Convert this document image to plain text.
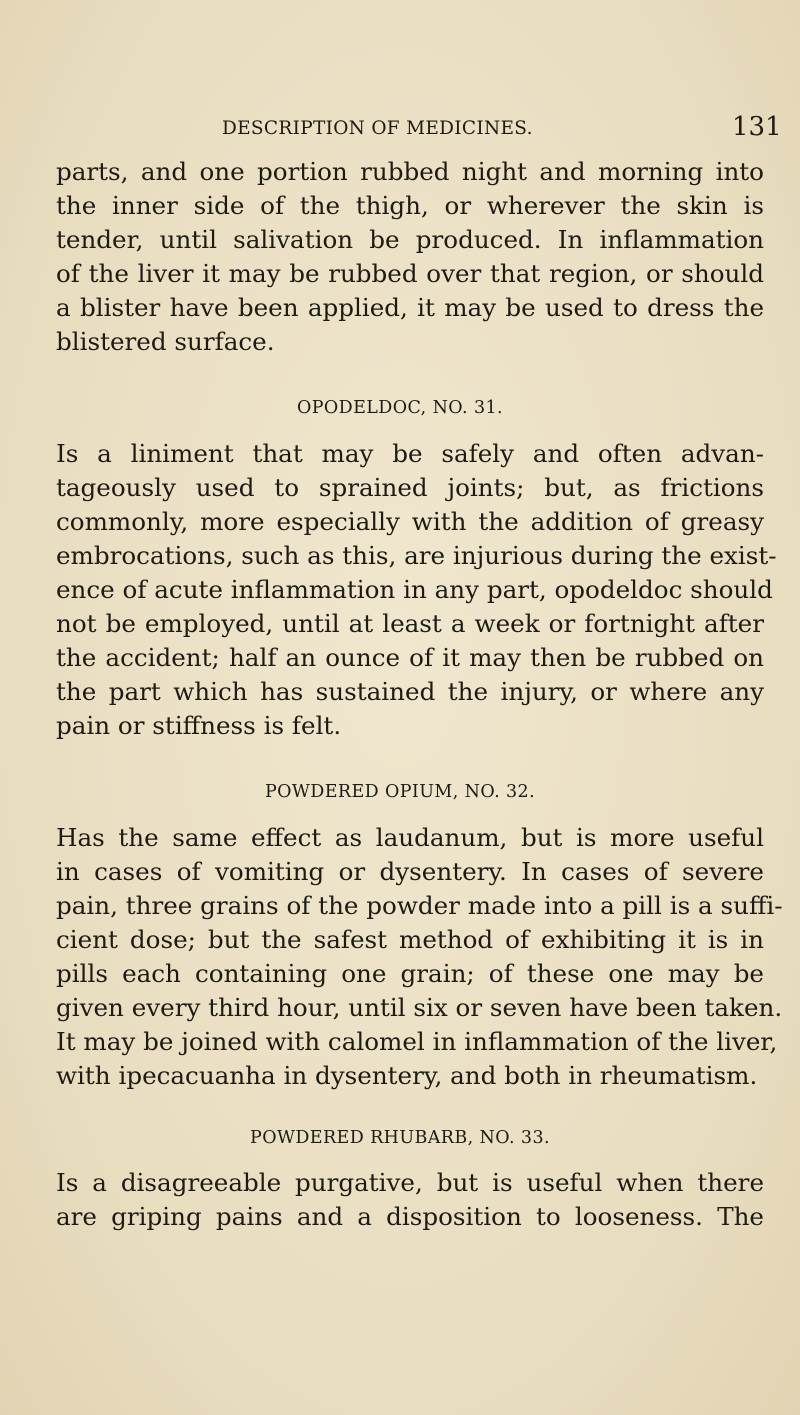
DESCRIPTION OF MEDICINES.	131
parts, and one portion rubbed night and morning into
the inner side of the thigh, or wherever the skin is
tender, until salivation be produced. In inflammation
of the liver it may be rubbed over that region, or should
a blister have been applied, it may be used to dress the
blistered surface.
OPODELDOC, NO. 31.
Is a liniment that may be safely and often advan-
tageously used to sprained joints; but, as frictions
commonly, more especially with the addition of greasy
embrocations, such as this, are injurious during the exist-
ence of acute inflammation in any part, opodeldoc should
not be employed, until at least a week or fortnight after
the accident; half an ounce of it may then be rubbed on
the part which has sustained the injury, or where any
pain or stiffness is felt.
POWDERED OPIUM, NO. 32.
Has the same effect as laudanum, but is more useful
in cases of vomiting or dysentery. In cases of severe
pain, three grains of the powder made into a pill is a suffi-
cient dose; but the safest method of exhibiting it is in
pills each containing one grain; of these one may be
given every third hour, until six or seven have been taken.
It may be joined with calomel in inflammation of the liver,
with ipecacuanha in dysentery, and both in rheumatism.
POWDERED RHUBARB, NO. 33.
Is a disagreeable purgative, but is useful when there
are griping pains and a disposition to looseness. The
